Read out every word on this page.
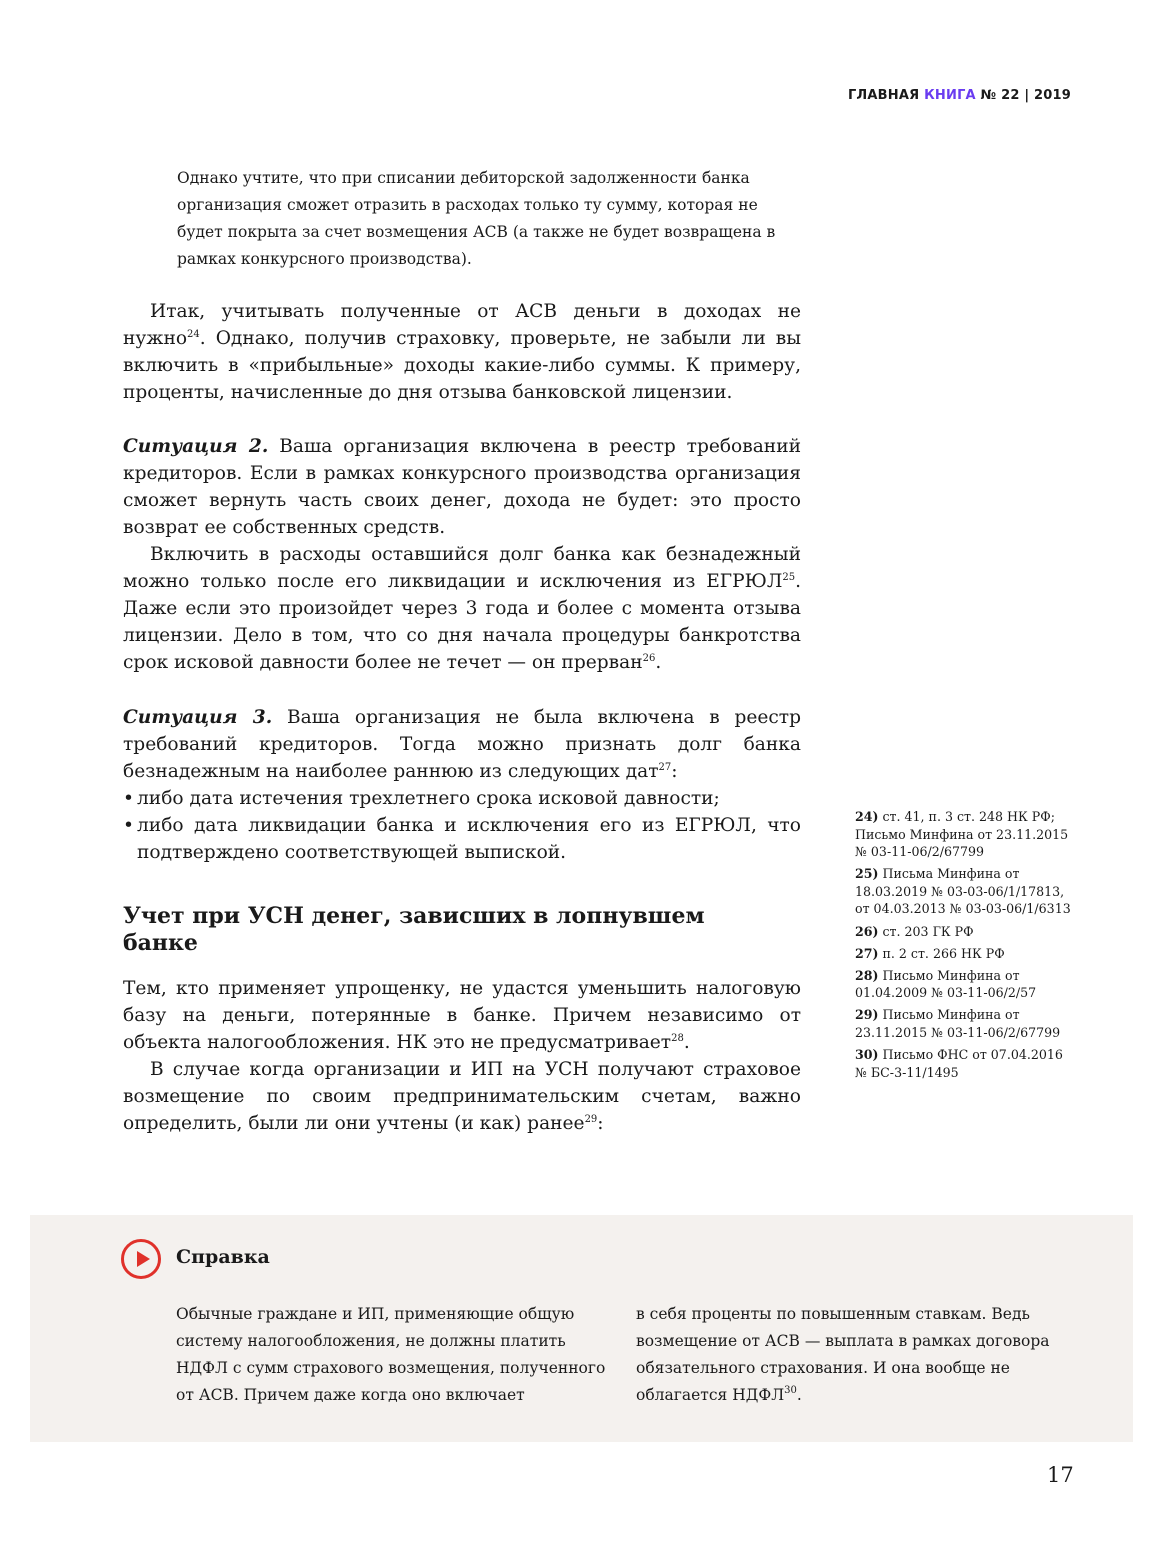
ГЛАВНАЯ КНИГА № 22 | 2019
Однако учтите, что при списании дебиторской задолженности банка организация сможет отразить в расходах только ту сумму, которая не будет покрыта за счет возмещения АСВ (а также не будет возвращена в рамках конкурсного производства).

Итак, учитывать полученные от АСВ деньги в доходах не нужно$^{24}$. Однако, получив страховку, проверьте, не забыли ли вы включить в «прибыльные» доходы какие-либо суммы. К примеру, проценты, начисленные до дня отзыва банковской лицензии.

Ситуация 2. Ваша организация включена в реестр требований кредиторов. Если в рамках конкурсного производства организация сможет вернуть часть своих денег, дохода не будет: это просто возврат ее собственных средств.

Включить в расходы оставшийся долг банка как безнадежный можно только после его ликвидации и исключения из ЕГРЮЛ$^{25}$. Даже если это произойдет через 3 года и более с момента отзыва лицензии. Дело в том, что со дня начала процедуры банкротства срок исковой давности более не течет — он прерван$^{26}$.

Ситуация 3. Ваша организация не была включена в реестр требований кредиторов. Тогда можно признать долг банка безнадежным на наиболее раннюю из следующих дат$^{27}$:

• либо дата истечения трехлетнего срока исковой давности;
• либо дата ликвидации банка и исключения его из ЕГРЮЛ, что подтверждено соответствующей выпиской.
Учет при УСН денег, зависших в лопнувшем банке

Тем, кто применяет упрощенку, не удастся уменьшить налоговую базу на деньги, потерянные в банке. Причем независимо от объекта налогообложения. НК это не предусматривает$^{28}$.

В случае когда организации и ИП на УСН получают страховое возмещение по своим предпринимательским счетам, важно определить, были ли они учтены (и как) ранее$^{29}$:

24) ст. 41, п. 3 ст. 248 НК РФ; Письмо Минфина от 23.11.2015 № 03-11-06/2/67799
25) Письма Минфина от 18.03.2019 № 03-03-06/1/17813, от 04.03.2013 № 03-03-06/1/6313
26) ст. 203 ГК РФ
27) п. 2 ст. 266 НК РФ
28) Письмо Минфина от 01.04.2009 № 03-11-06/2/57
29) Письмо Минфина от 23.11.2015 № 03-11-06/2/67799
30) Письмо ФНС от 07.04.2016 № БС-3-11/1495
Справка
Обычные граждане и ИП, применяющие общую систему налогообложения, не должны платить НДФЛ с сумм страхового возмещения, полученного от АСВ. Причем даже когда оно включает
в себя проценты по повышенным ставкам. Ведь возмещение от АСВ — выплата в рамках договора обязательного страхования. И она вообще не облагается НДФЛ$^{30}$.
17
